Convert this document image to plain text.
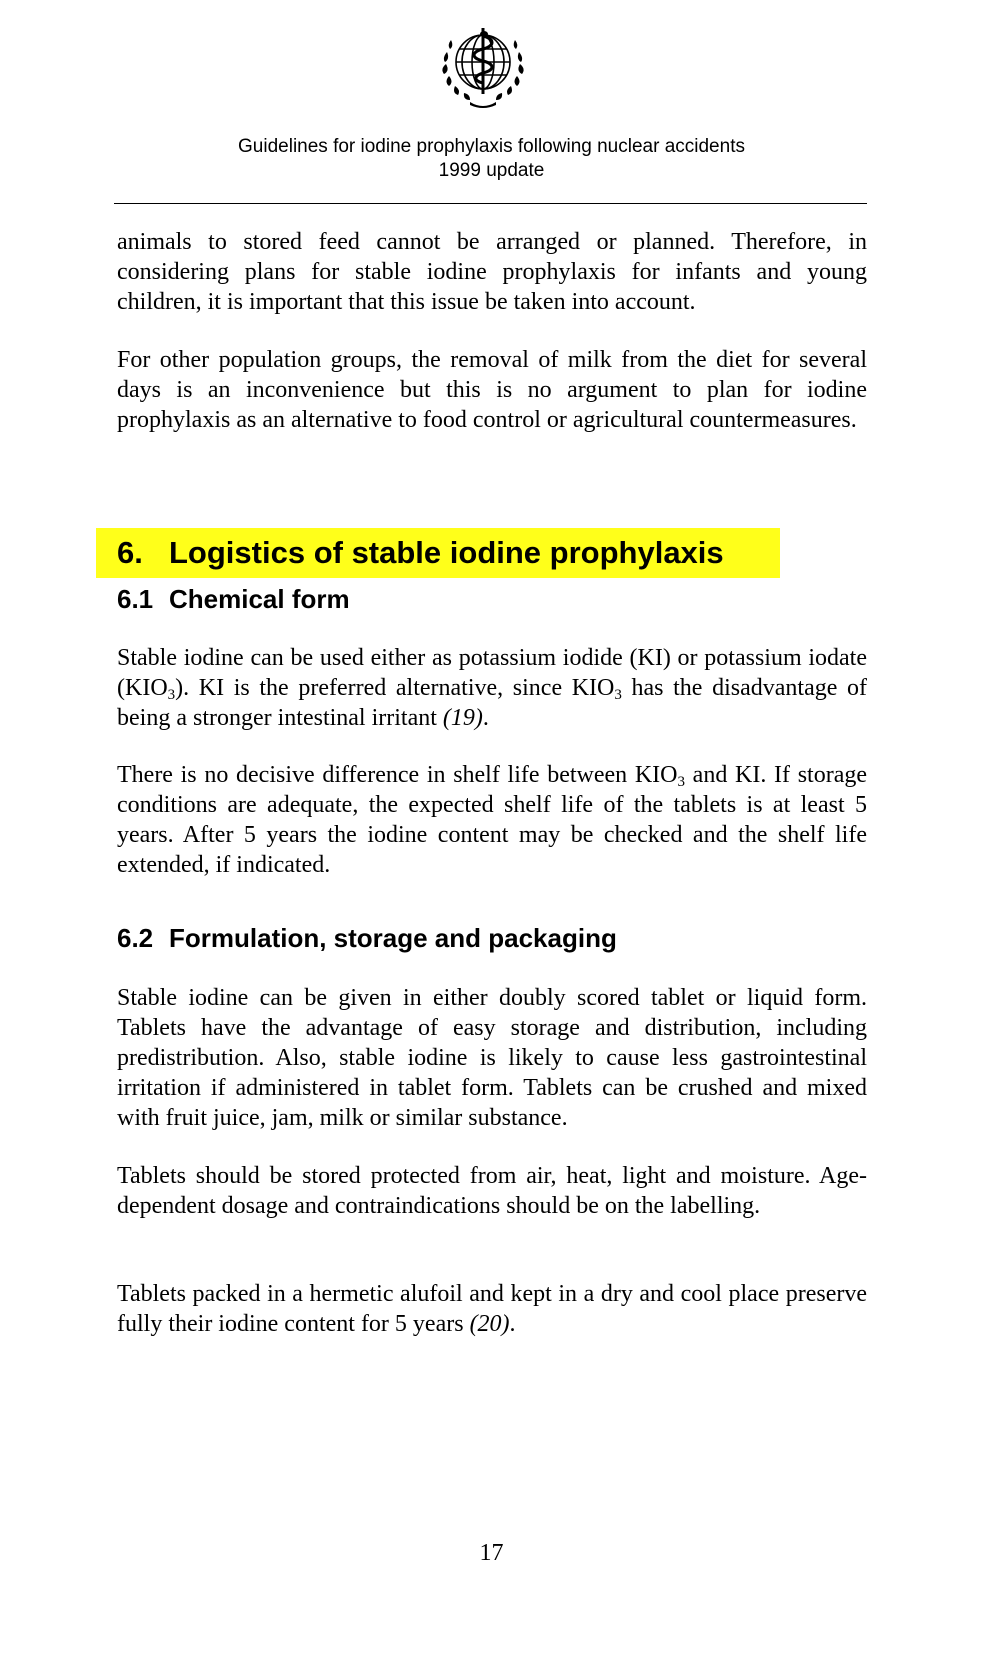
Guidelines for iodine prophylaxis following nuclear accidents
1999 update

animals to stored feed cannot be arranged or planned. Therefore, in considering plans for stable iodine prophylaxis for infants and young children, it is important that this issue be taken into account.

For other population groups, the removal of milk from the diet for several days is an inconvenience but this is no argument to plan for iodine prophylaxis as an alternative to food control or agricultural countermeasures.

6. Logistics of stable iodine prophylaxis
6.1 Chemical form

Stable iodine can be used either as potassium iodide (KI) or potassium iodate $(KIO_3)$. KI is the preferred alternative, since $KIO_3$ has the disadvantage of being a stronger intestinal irritant (19).

There is no decisive difference in shelf life between $KIO_3$ and KI. If storage conditions are adequate, the expected shelf life of the tablets is at least 5 years. After 5 years the iodine content may be checked and the shelf life extended, if indicated.

6.2 Formulation, storage and packaging

Stable iodine can be given in either doubly scored tablet or liquid form. Tablets have the advantage of easy storage and distribution, including predistribution. Also, stable iodine is likely to cause less gastrointestinal irritation if administered in tablet form. Tablets can be crushed and mixed with fruit juice, jam, milk or similar substance.

Tablets should be stored protected from air, heat, light and moisture. Age-dependent dosage and contraindications should be on the labelling.

Tablets packed in a hermetic alufoil and kept in a dry and cool place preserve fully their iodine content for 5 years (20).

17
